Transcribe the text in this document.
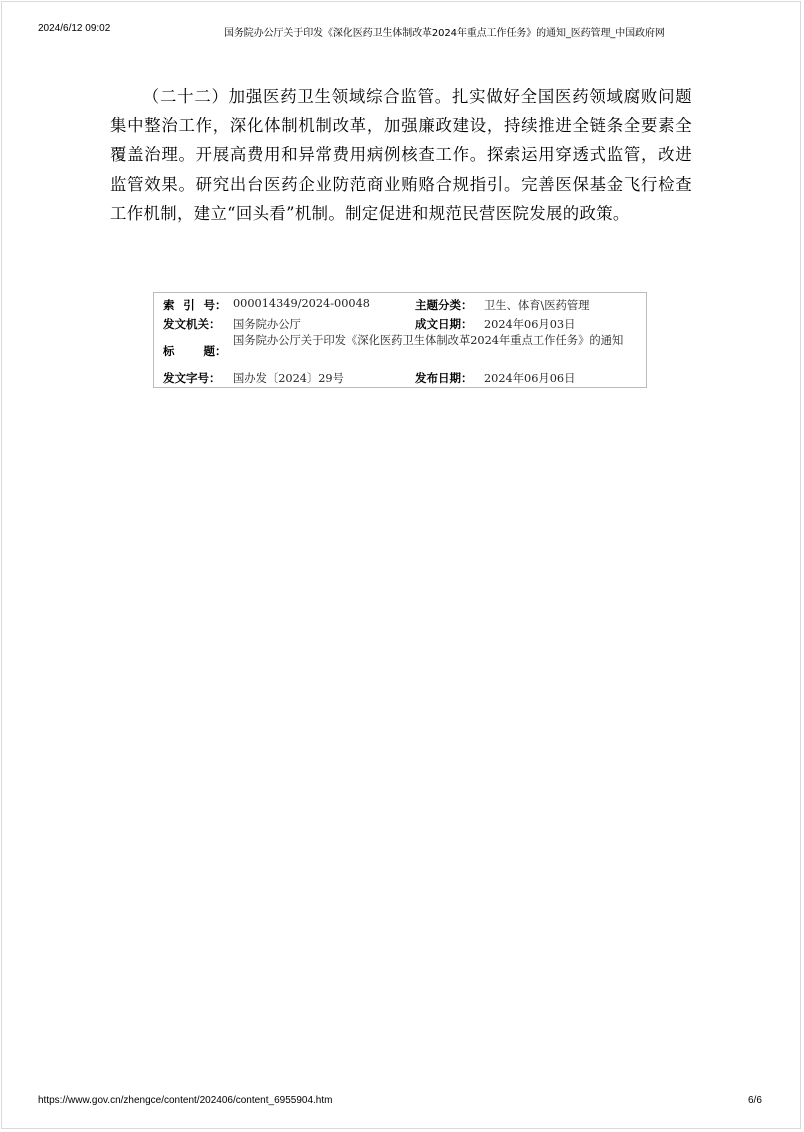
2024/6/12 09:02	国务院办公厅关于印发《深化医药卫生体制改革2024年重点工作任务》的通知_医药管理_中国政府网

（二十二）加强医药卫生领域综合监管。扎实做好全国医药领域腐败问题集中整治工作，深化体制机制改革，加强廉政建设，持续推进全链条全要素全覆盖治理。开展高费用和异常费用病例核查工作。探索运用穿透式监管，改进监管效果。研究出台医药企业防范商业贿赂合规指引。完善医保基金飞行检查工作机制，建立“回头看”机制。制定促进和规范民营医院发展的政策。

索 引 号 ： 000014349/2024-00048	主题分类： 卫生、体育\医药管理
发文机关： 国务院办公厅	成文日期： 2024年06月03日
标	题 ：
国务院办公厅关于印发《深化医药卫生体制改革2024年重点工作任务》的通知
发文字号： 国办发〔2024〕29号	发布日期： 2024年06月06日
https://www.gov.cn/zhengce/content/202406/content_6955904.htm	6/6
